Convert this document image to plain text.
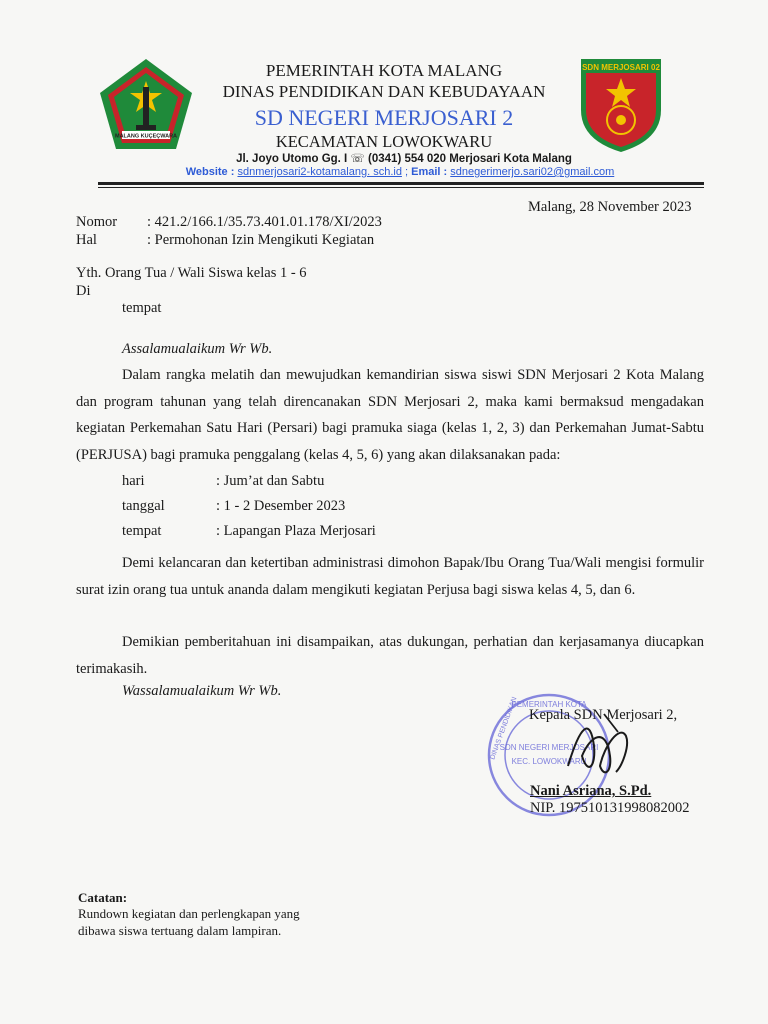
MALANG KUÇEÇWARA
SDN MERJOSARI 02
PEMERINTAH KOTA MALANG
DINAS PENDIDIKAN DAN KEBUDAYAAN
SD NEGERI MERJOSARI 2
KECAMATAN LOWOKWARU
Jl. Joyo Utomo Gg. I ☏ (0341) 554 020 Merjosari Kota Malang
Website : sdnmerjosari2-kotamalang. sch.id ; Email : sdnegerimerjo.sari02@gmail.com
Malang, 28 November 2023
Nomor : 421.2/166.1/35.73.401.01.178/XI/2023
Hal	: Permohonan Izin Mengikuti Kegiatan
Yth. Orang Tua / Wali Siswa kelas 1 - 6
Di
tempat
Assalamualaikum Wr Wb.
Dalam rangka melatih dan mewujudkan kemandirian siswa siswi SDN Merjosari 2 Kota Malang dan program tahunan yang telah direncanakan SDN Merjosari 2, maka kami bermaksud mengadakan kegiatan Perkemahan Satu Hari (Persari) bagi pramuka siaga (kelas 1, 2, 3) dan Perkemahan Jumat-Sabtu (PERJUSA) bagi pramuka penggalang (kelas 4, 5, 6) yang akan dilaksanakan pada:
hari	: Jum’at dan Sabtu
tanggal	: 1 - 2 Desember 2023
tempat	: Lapangan Plaza Merjosari
Demi kelancaran dan ketertiban administrasi dimohon Bapak/Ibu Orang Tua/Wali mengisi formulir surat izin orang tua untuk ananda dalam mengikuti kegiatan Perjusa bagi siswa kelas 4, 5, dan 6.
Demikian pemberitahuan ini disampaikan, atas dukungan, perhatian dan kerjasamanya diucapkan terimakasih.
Wassalamualaikum Wr Wb.
PEMERINTAH KOTA
DINAS PENDIDIKAN
SDN NEGERI MERJOSARI
KEC. LOWOKWARU
Kepala SDN Merjosari 2,
Nani Asriana, S.Pd.
NIP. 197510131998082002
Catatan:
Rundown kegiatan dan perlengkapan yang
dibawa siswa tertuang dalam lampiran.
